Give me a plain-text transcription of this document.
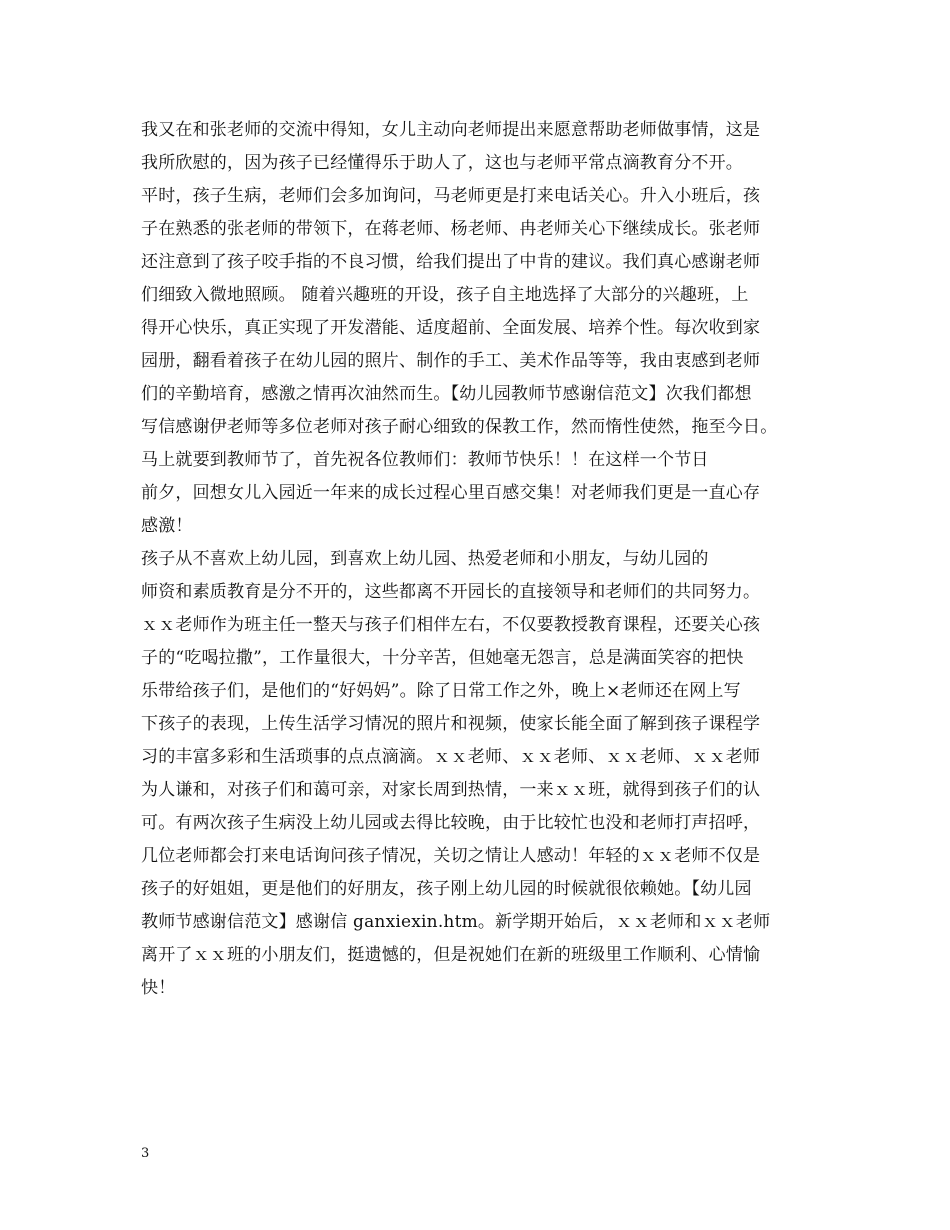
我又在和张老师的交流中得知，女儿主动向老师提出来愿意帮助老师做事情，这是
我所欣慰的，因为孩子已经懂得乐于助人了，这也与老师平常点滴教育分不开。
平时，孩子生病，老师们会多加询问，马老师更是打来电话关心。升入小班后，孩
子在熟悉的张老师的带领下，在蒋老师、杨老师、冉老师关心下继续成长。张老师
还注意到了孩子咬手指的不良习惯，给我们提出了中肯的建议。我们真心感谢老师
们细致入微地照顾。 随着兴趣班的开设，孩子自主地选择了大部分的兴趣班，上
得开心快乐，真正实现了开发潜能、适度超前、全面发展、培养个性。每次收到家
园册，翻看着孩子在幼儿园的照片、制作的手工、美术作品等等，我由衷感到老师
们的辛勤培育，感激之情再次油然而生。【幼儿园教师节感谢信范文】次我们都想
写信感谢伊老师等多位老师对孩子耐心细致的保教工作，然而惰性使然，拖至今日。
马上就要到教师节了，首先祝各位教师们：教师节快乐！！在这样一个节日
前夕，回想女儿入园近一年来的成长过程心里百感交集！对老师我们更是一直心存
感激！
孩子从不喜欢上幼儿园，到喜欢上幼儿园、热爱老师和小朋友，与幼儿园的
师资和素质教育是分不开的，这些都离不开园长的直接领导和老师们的共同努力。
ｘｘ老师作为班主任一整天与孩子们相伴左右，不仅要教授教育课程，还要关心孩
子的“吃喝拉撒”，工作量很大，十分辛苦，但她毫无怨言，总是满面笑容的把快
乐带给孩子们，是他们的“好妈妈”。除了日常工作之外，晚上×老师还在网上写
下孩子的表现，上传生活学习情况的照片和视频，使家长能全面了解到孩子课程学
习的丰富多彩和生活琐事的点点滴滴。ｘｘ老师、ｘｘ老师、ｘｘ老师、ｘｘ老师
为人谦和，对孩子们和蔼可亲，对家长周到热情，一来ｘｘ班，就得到孩子们的认
可。有两次孩子生病没上幼儿园或去得比较晚，由于比较忙也没和老师打声招呼，
几位老师都会打来电话询问孩子情况，关切之情让人感动！年轻的ｘｘ老师不仅是
孩子的好姐姐，更是他们的好朋友，孩子刚上幼儿园的时候就很依赖她。【幼儿园
教师节感谢信范文】感谢信 ganxiexin.htm。新学期开始后，ｘｘ老师和ｘｘ老师
离开了ｘｘ班的小朋友们，挺遗憾的，但是祝她们在新的班级里工作顺利、心情愉
快！
3
